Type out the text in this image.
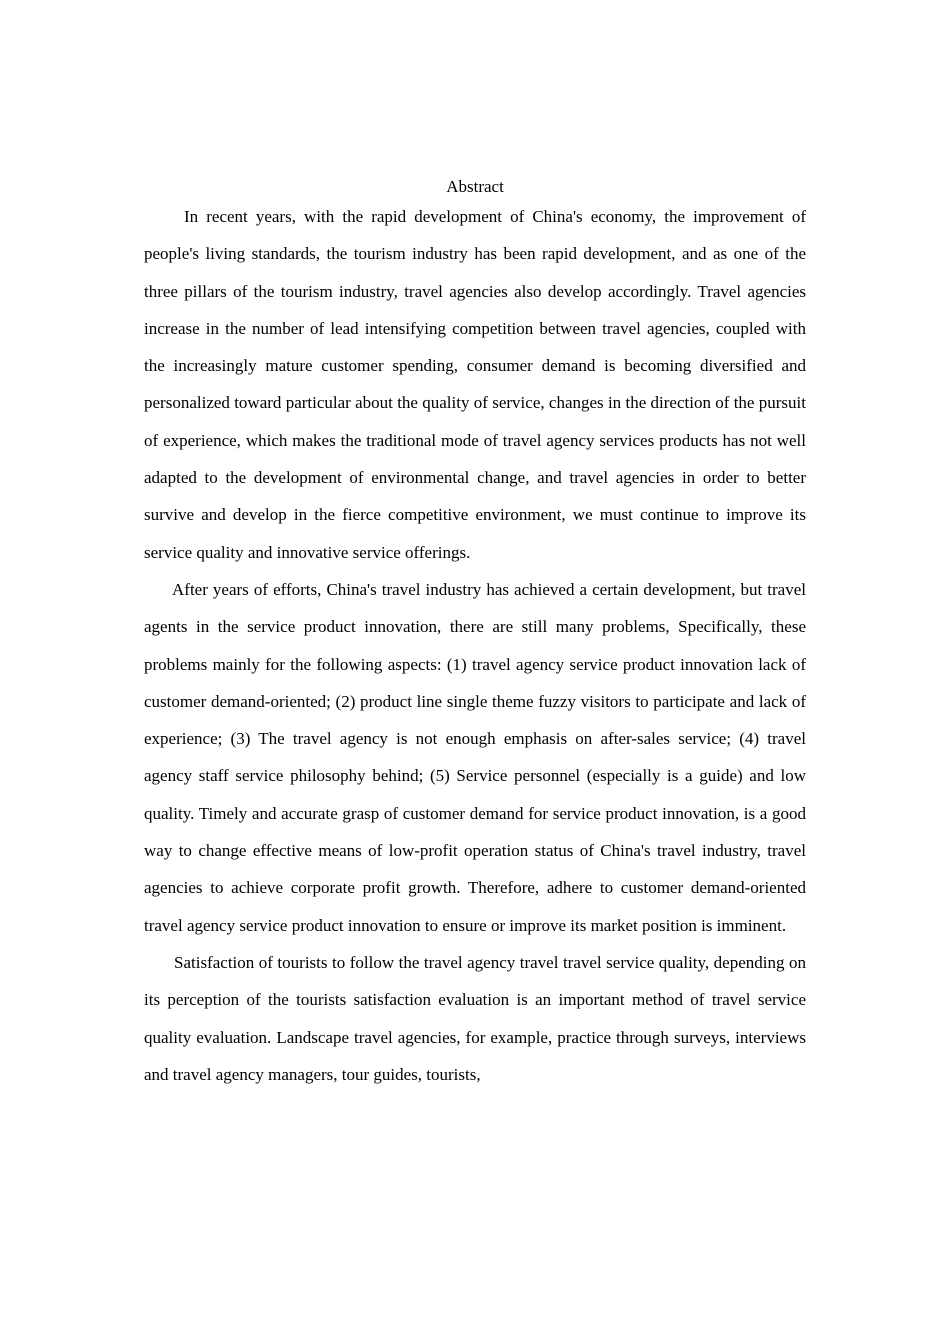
Abstract

In recent years, with the rapid development of China's economy, the improvement of people's living standards, the tourism industry has been rapid development, and as one of the three pillars of the tourism industry, travel agencies also develop accordingly. Travel agencies increase in the number of lead intensifying competition between travel agencies, coupled with the increasingly mature customer spending, consumer demand is becoming diversified and personalized toward particular about the quality of service, changes in the direction of the pursuit of experience, which makes the traditional mode of travel agency services products has not well adapted to the development of environmental change, and travel agencies in order to better survive and develop in the fierce competitive environment, we must continue to improve its service quality and innovative service offerings.

After years of efforts, China's travel industry has achieved a certain development, but travel agents in the service product innovation, there are still many problems, Specifically, these problems mainly for the following aspects: (1) travel agency service product innovation lack of customer demand-oriented; (2) product line single theme fuzzy visitors to participate and lack of experience; (3) The travel agency is not enough emphasis on after-sales service; (4) travel agency staff service philosophy behind; (5) Service personnel (especially is a guide) and low quality. Timely and accurate grasp of customer demand for service product innovation, is a good way to change effective means of low-profit operation status of China's travel industry, travel agencies to achieve corporate profit growth. Therefore, adhere to customer demand-oriented travel agency service product innovation to ensure or improve its market position is imminent.

Satisfaction of tourists to follow the travel agency travel travel service quality, depending on its perception of the tourists satisfaction evaluation is an important method of travel service quality evaluation. Landscape travel agencies, for example, practice through surveys, interviews and travel agency managers, tour guides, tourists,
